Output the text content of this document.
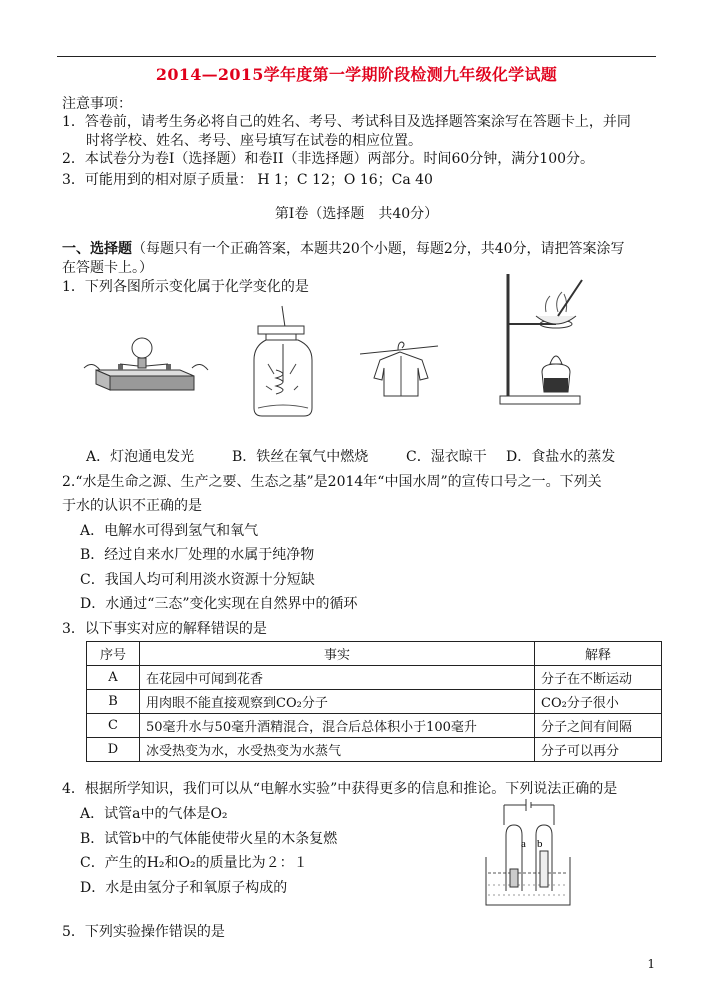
2014—2015学年度第一学期阶段检测九年级化学试题
注意事项：
1．答卷前，请考生务必将自己的姓名、考号、考试科目及选择题答案涂写在答题卡上，并同
时将学校、姓名、考号、座号填写在试卷的相应位置。
2．本试卷分为卷Ⅰ（选择题）和卷II（非选择题）两部分。时间60分钟，满分100分。
3．可能用到的相对原子质量： H 1；C 12；O 16；Ca 40
第Ⅰ卷（选择题　共40分）
一、选择题（每题只有一个正确答案，本题共20个小题，每题2分，共40分，请把答案涂写
在答题卡上。）
1．下列各图所示变化属于化学变化的是
A．灯泡通电发光	B．铁丝在氧气中燃烧	C．湿衣晾干 D．食盐水的蒸发
2.“水是生命之源、生产之要、生态之基”是2014年“中国水周”的宣传口号之一。下列关
于水的认识不正确的是
A．电解水可得到氢气和氧气
B．经过自来水厂处理的水属于纯净物
C．我国人均可利用淡水资源十分短缺
D．水通过“三态”变化实现在自然界中的循环
3．以下事实对应的解释错误的是
序号	事实	解释
A	在花园中可闻到花香	分子在不断运动
B	用肉眼不能直接观察到CO₂分子	CO₂分子很小
C	50毫升水与50毫升酒精混合，混合后总体积小于100毫升	分子之间有间隔
D	冰受热变为水，水受热变为水蒸气	分子可以再分
4．根据所学知识，我们可以从“电解水实验”中获得更多的信息和推论。下列说法正确的是
A．试管a中的气体是O₂
B．试管b中的气体能使带火星的木条复燃
C．产生的H₂和O₂的质量比为２：１
D．水是由氢分子和氧原子构成的
a b
5．下列实验操作错误的是
1
